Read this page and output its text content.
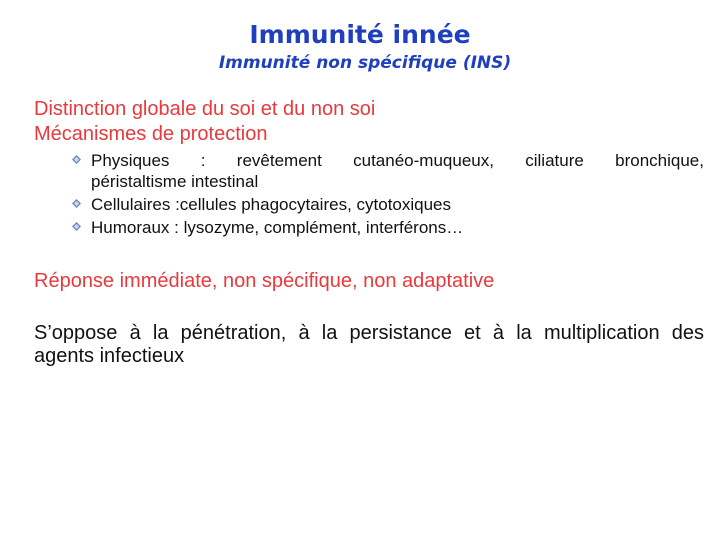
Immunité innée
Immunité non spécifique (INS)
Distinction globale du soi et du non soi
Mécanismes de protection
Physiques : revêtement cutanéo-muqueux, ciliature bronchique,
péristaltisme intestinal
Cellulaires :cellules phagocytaires, cytotoxiques
Humoraux : lysozyme, complément, interférons…
Réponse immédiate, non spécifique, non adaptative
S’oppose à la pénétration, à la persistance et à la multiplication des
agents infectieux
